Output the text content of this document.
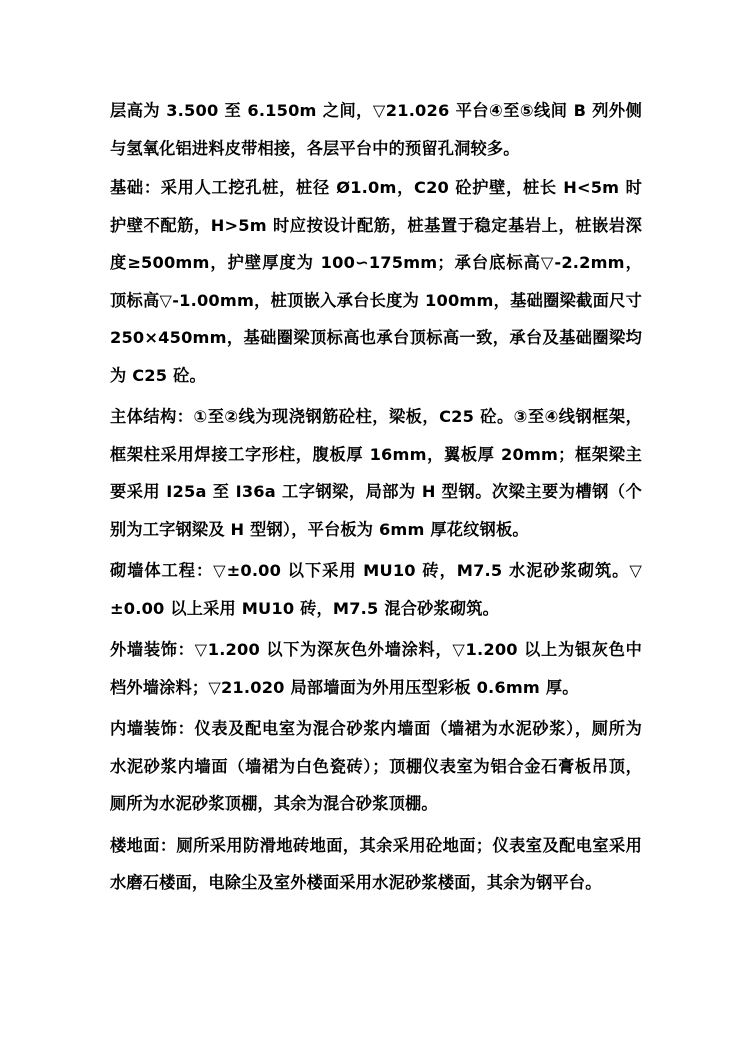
层高为 3.500 至 6.150m 之间，▽21.026 平台④至⑤线间 B 列外侧与氢氧化铝进料皮带相接，各层平台中的预留孔洞较多。

基础：采用人工挖孔桩，桩径 Ø1.0m，C20 砼护壁，桩长 H<5m 时护壁不配筋，H>5m 时应按设计配筋，桩基置于稳定基岩上，桩嵌岩深度≥500mm，护壁厚度为 100∽175mm；承台底标高▽-2.2mm，顶标高▽-1.00mm，桩顶嵌入承台长度为 100mm，基础圈梁截面尺寸 250×450mm，基础圈梁顶标高也承台顶标高一致，承台及基础圈梁均为 C25 砼。

主体结构：①至②线为现浇钢筋砼柱，梁板，C25 砼。③至④线钢框架，框架柱采用焊接工字形柱，腹板厚 16mm，翼板厚 20mm；框架梁主要采用 I25a 至 I36a 工字钢梁，局部为 H 型钢。次梁主要为槽钢（个别为工字钢梁及 H 型钢），平台板为 6mm 厚花纹钢板。

砌墙体工程：▽±0.00 以下采用 MU10 砖，M7.5 水泥砂浆砌筑。▽±0.00 以上采用 MU10 砖，M7.5 混合砂浆砌筑。

外墙装饰：▽1.200 以下为深灰色外墙涂料，▽1.200 以上为银灰色中档外墙涂料；▽21.020 局部墙面为外用压型彩板 0.6mm 厚。

内墙装饰：仪表及配电室为混合砂浆内墙面（墙裙为水泥砂浆），厕所为水泥砂浆内墙面（墙裙为白色瓷砖）；顶棚仪表室为铝合金石膏板吊顶，厕所为水泥砂浆顶棚，其余为混合砂浆顶棚。

楼地面：厕所采用防滑地砖地面，其余采用砼地面；仪表室及配电室采用水磨石楼面，电除尘及室外楼面采用水泥砂浆楼面，其余为钢平台。
